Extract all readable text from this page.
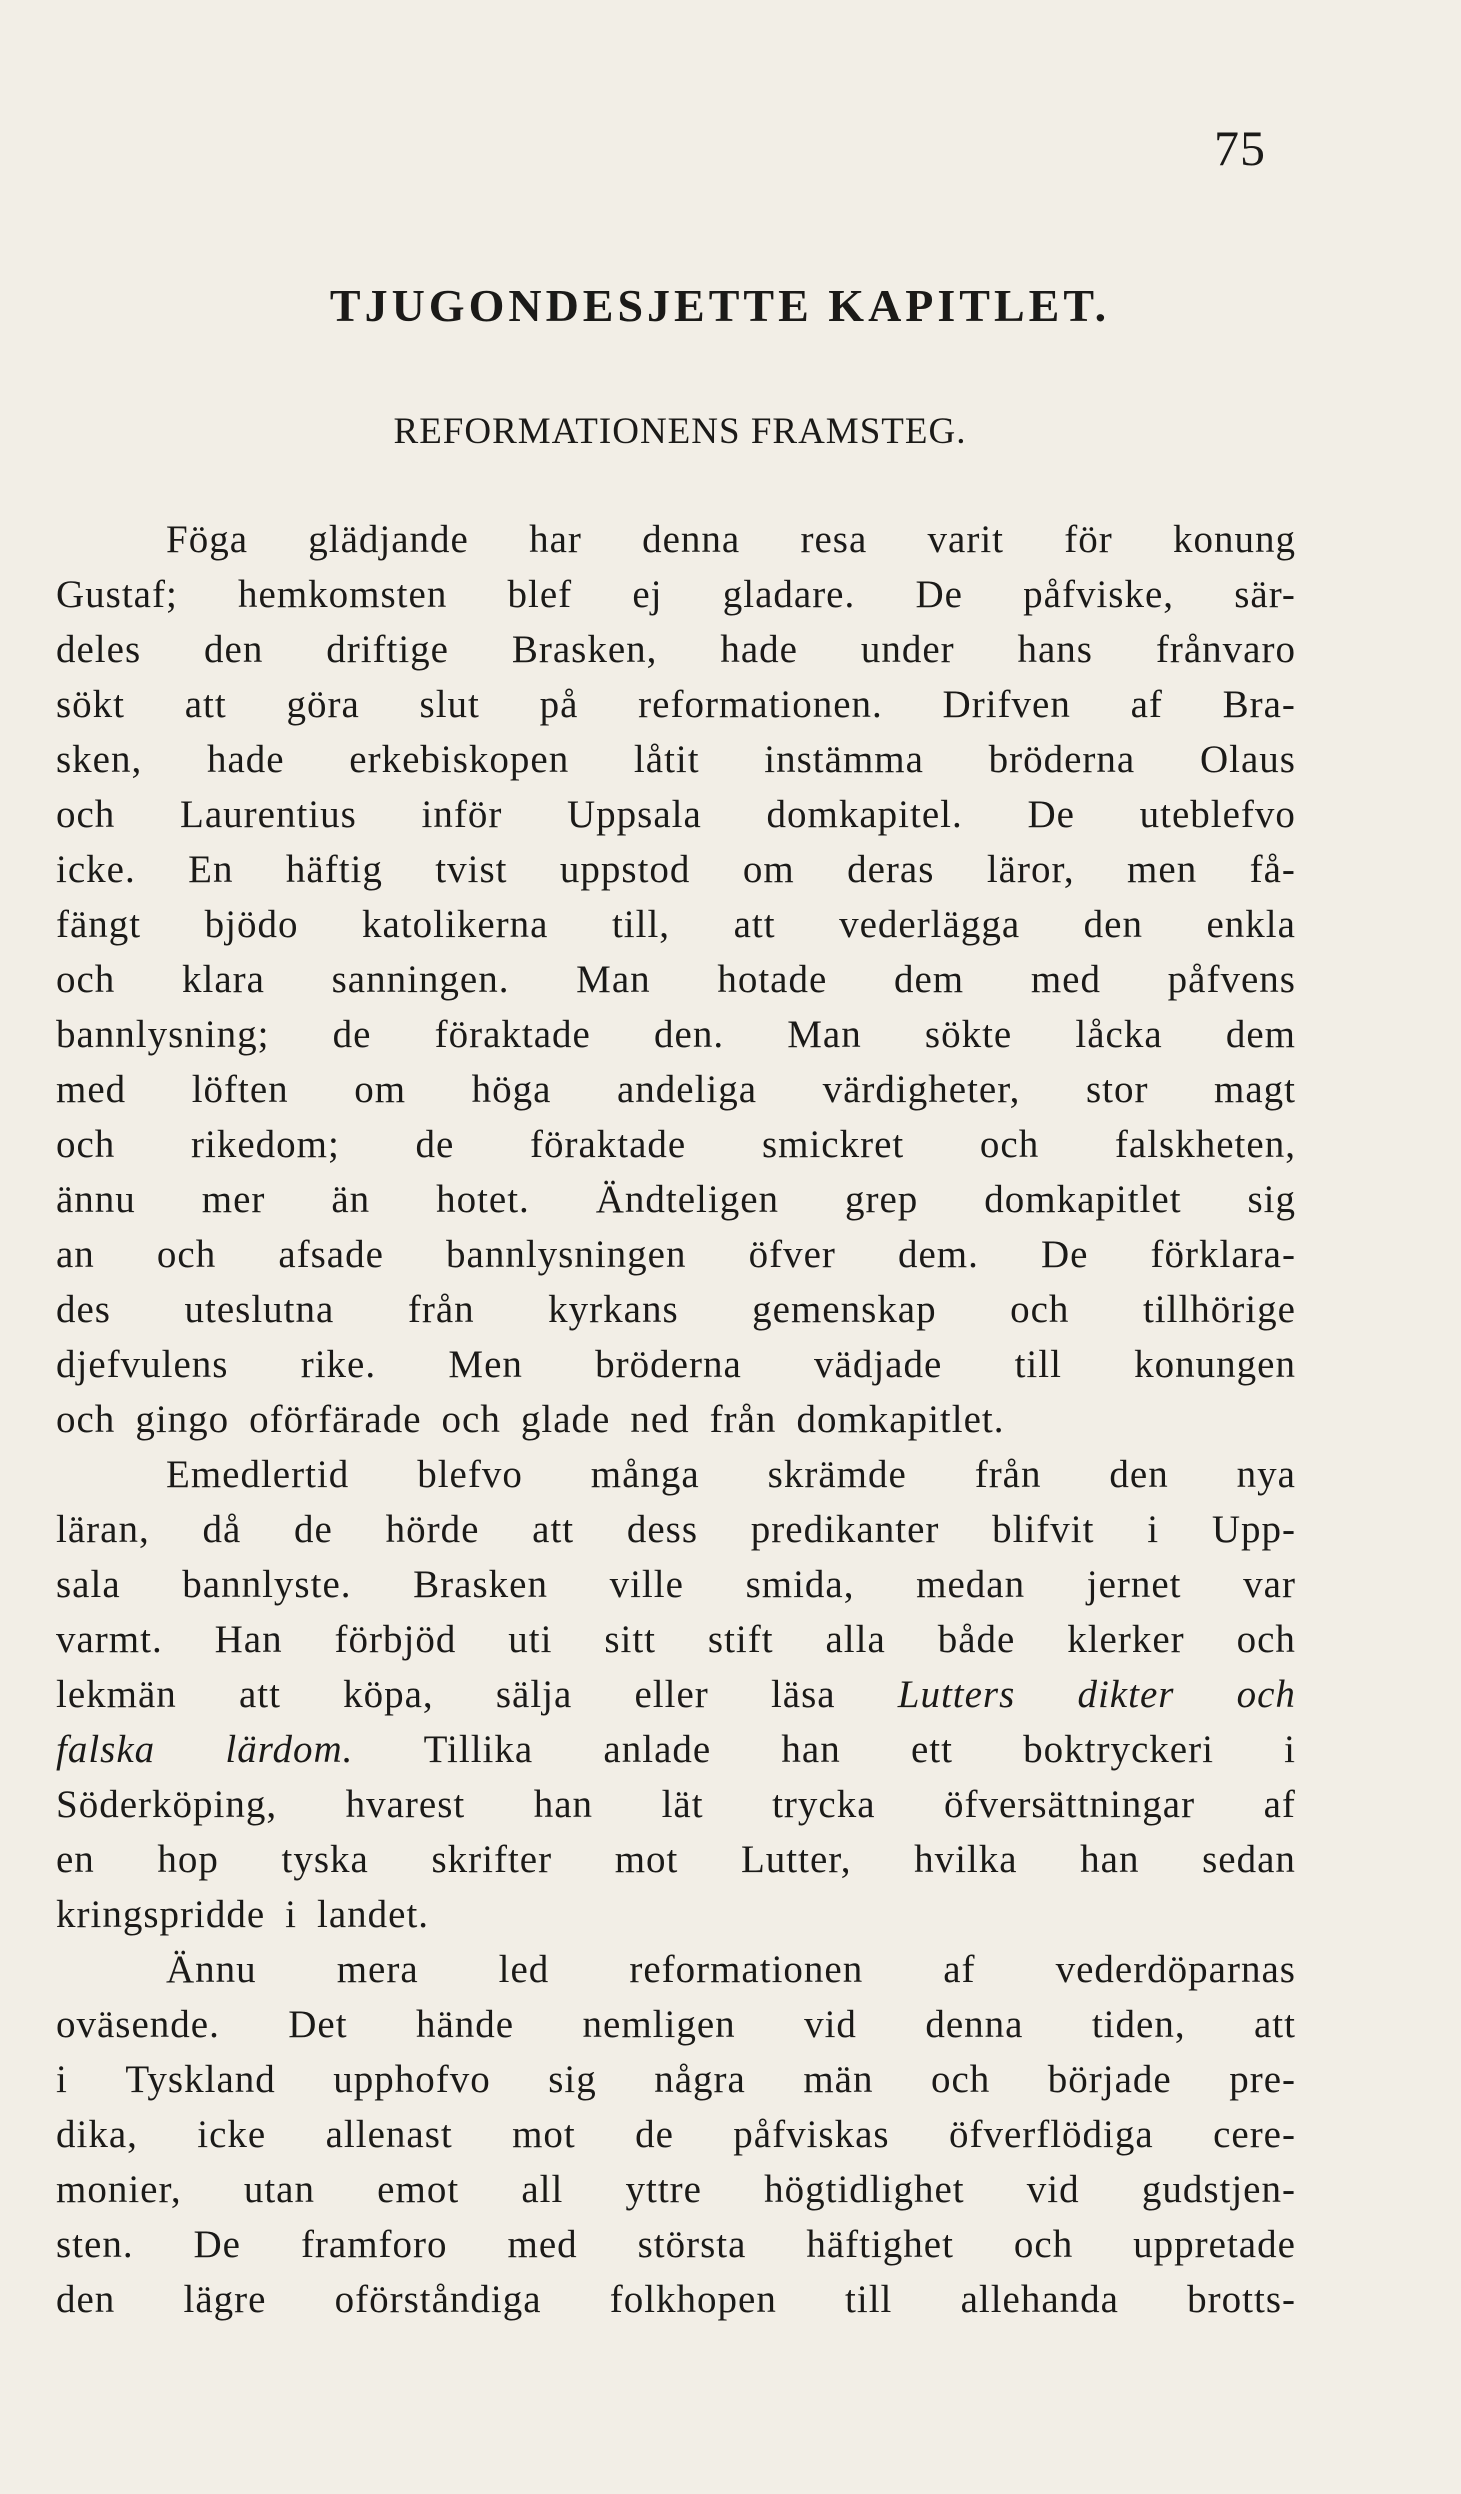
75
TJUGONDESJETTE KAPITLET.
REFORMATIONENS FRAMSTEG.
Föga glädjande har denna resa varit för konung
Gustaf; hemkomsten blef ej gladare. De påfviske, sär-
deles den driftige Brasken, hade under hans frånvaro
sökt att göra slut på reformationen. Drifven af Bra-
sken, hade erkebiskopen låtit instämma bröderna Olaus
och Laurentius inför Uppsala domkapitel. De uteblefvo
icke. En häftig tvist uppstod om deras läror, men få-
fängt bjödo katolikerna till, att vederlägga den enkla
och klara sanningen. Man hotade dem med påfvens
bannlysning; de föraktade den. Man sökte låcka dem
med löften om höga andeliga värdigheter, stor magt
och rikedom; de föraktade smickret och falskheten,
ännu mer än hotet. Ändteligen grep domkapitlet sig
an och afsade bannlysningen öfver dem. De förklara-
des uteslutna från kyrkans gemenskap och tillhörige
djefvulens rike. Men bröderna vädjade till konungen
och gingo oförfärade och glade ned från domkapitlet.
Emedlertid blefvo många skrämde från den nya
läran, då de hörde att dess predikanter blifvit i Upp-
sala bannlyste. Brasken ville smida, medan jernet var
varmt. Han förbjöd uti sitt stift alla både klerker och
lekmän att köpa, sälja eller läsa Lutters dikter och
falska lärdom. Tillika anlade han ett boktryckeri i
Söderköping, hvarest han lät trycka öfversättningar af
en hop tyska skrifter mot Lutter, hvilka han sedan
kringspridde i landet.
Ännu mera led reformationen af vederdöparnas
oväsende. Det hände nemligen vid denna tiden, att
i Tyskland upphofvo sig några män och började pre-
dika, icke allenast mot de påfviskas öfverflödiga cere-
monier, utan emot all yttre högtidlighet vid gudstjen-
sten. De framforo med största häftighet och uppretade
den lägre oförståndiga folkhopen till allehanda brotts-
